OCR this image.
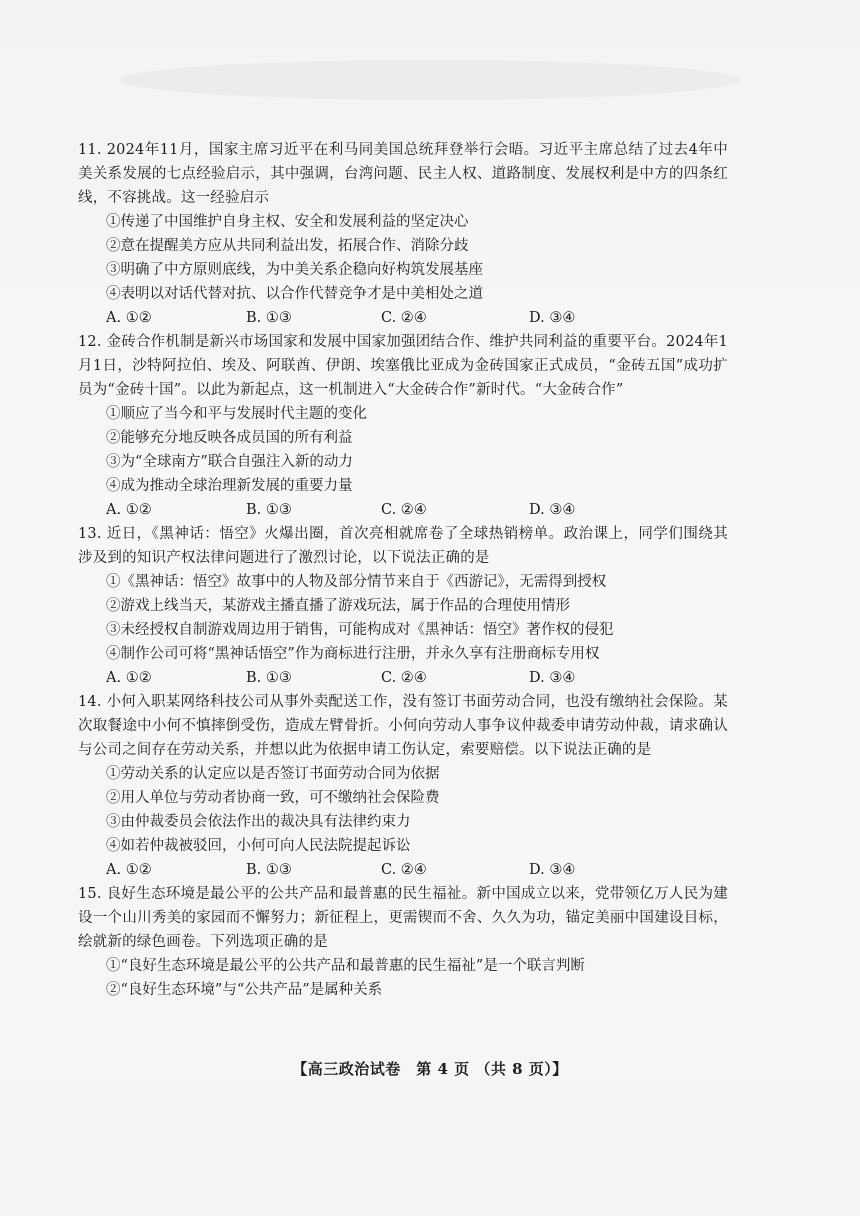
11. 2024年11月，国家主席习近平在利马同美国总统拜登举行会晤。习近平主席总结了过去4年中美关系发展的七点经验启示，其中强调，台湾问题、民主人权、道路制度、发展权利是中方的四条红线，不容挑战。这一经验启示

①传递了中国维护自身主权、安全和发展利益的坚定决心
②意在提醒美方应从共同利益出发，拓展合作、消除分歧
③明确了中方原则底线，为中美关系企稳向好构筑发展基座
④表明以对话代替对抗、以合作代替竞争才是中美相处之道
A. ①②	B. ①③	C. ②④	D. ③④

12. 金砖合作机制是新兴市场国家和发展中国家加强团结合作、维护共同利益的重要平台。2024年1月1日，沙特阿拉伯、埃及、阿联酋、伊朗、埃塞俄比亚成为金砖国家正式成员，“金砖五国”成功扩员为“金砖十国”。以此为新起点，这一机制进入“大金砖合作”新时代。“大金砖合作”

①顺应了当今和平与发展时代主题的变化
②能够充分地反映各成员国的所有利益
③为“全球南方”联合自强注入新的动力
④成为推动全球治理新发展的重要力量
A. ①②	B. ①③	C. ②④	D. ③④

13. 近日，《黑神话：悟空》火爆出圈，首次亮相就席卷了全球热销榜单。政治课上，同学们围绕其涉及到的知识产权法律问题进行了激烈讨论，以下说法正确的是

①《黑神话：悟空》故事中的人物及部分情节来自于《西游记》，无需得到授权
②游戏上线当天，某游戏主播直播了游戏玩法，属于作品的合理使用情形
③未经授权自制游戏周边用于销售，可能构成对《黑神话：悟空》著作权的侵犯
④制作公司可将“黑神话悟空”作为商标进行注册，并永久享有注册商标专用权
A. ①②	B. ①③	C. ②④	D. ③④

14. 小何入职某网络科技公司从事外卖配送工作，没有签订书面劳动合同，也没有缴纳社会保险。某次取餐途中小何不慎摔倒受伤，造成左臂骨折。小何向劳动人事争议仲裁委申请劳动仲裁，请求确认与公司之间存在劳动关系，并想以此为依据申请工伤认定，索要赔偿。以下说法正确的是

①劳动关系的认定应以是否签订书面劳动合同为依据
②用人单位与劳动者协商一致，可不缴纳社会保险费
③由仲裁委员会依法作出的裁决具有法律约束力
④如若仲裁被驳回，小何可向人民法院提起诉讼
A. ①②	B. ①③	C. ②④	D. ③④

15. 良好生态环境是最公平的公共产品和最普惠的民生福祉。新中国成立以来，党带领亿万人民为建设一个山川秀美的家园而不懈努力；新征程上，更需锲而不舍、久久为功，锚定美丽中国建设目标，绘就新的绿色画卷。下列选项正确的是

①“良好生态环境是最公平的公共产品和最普惠的民生福祉”是一个联言判断
②“良好生态环境”与“公共产品”是属种关系
【高三政治试卷　第 4 页 （共 8 页）】
